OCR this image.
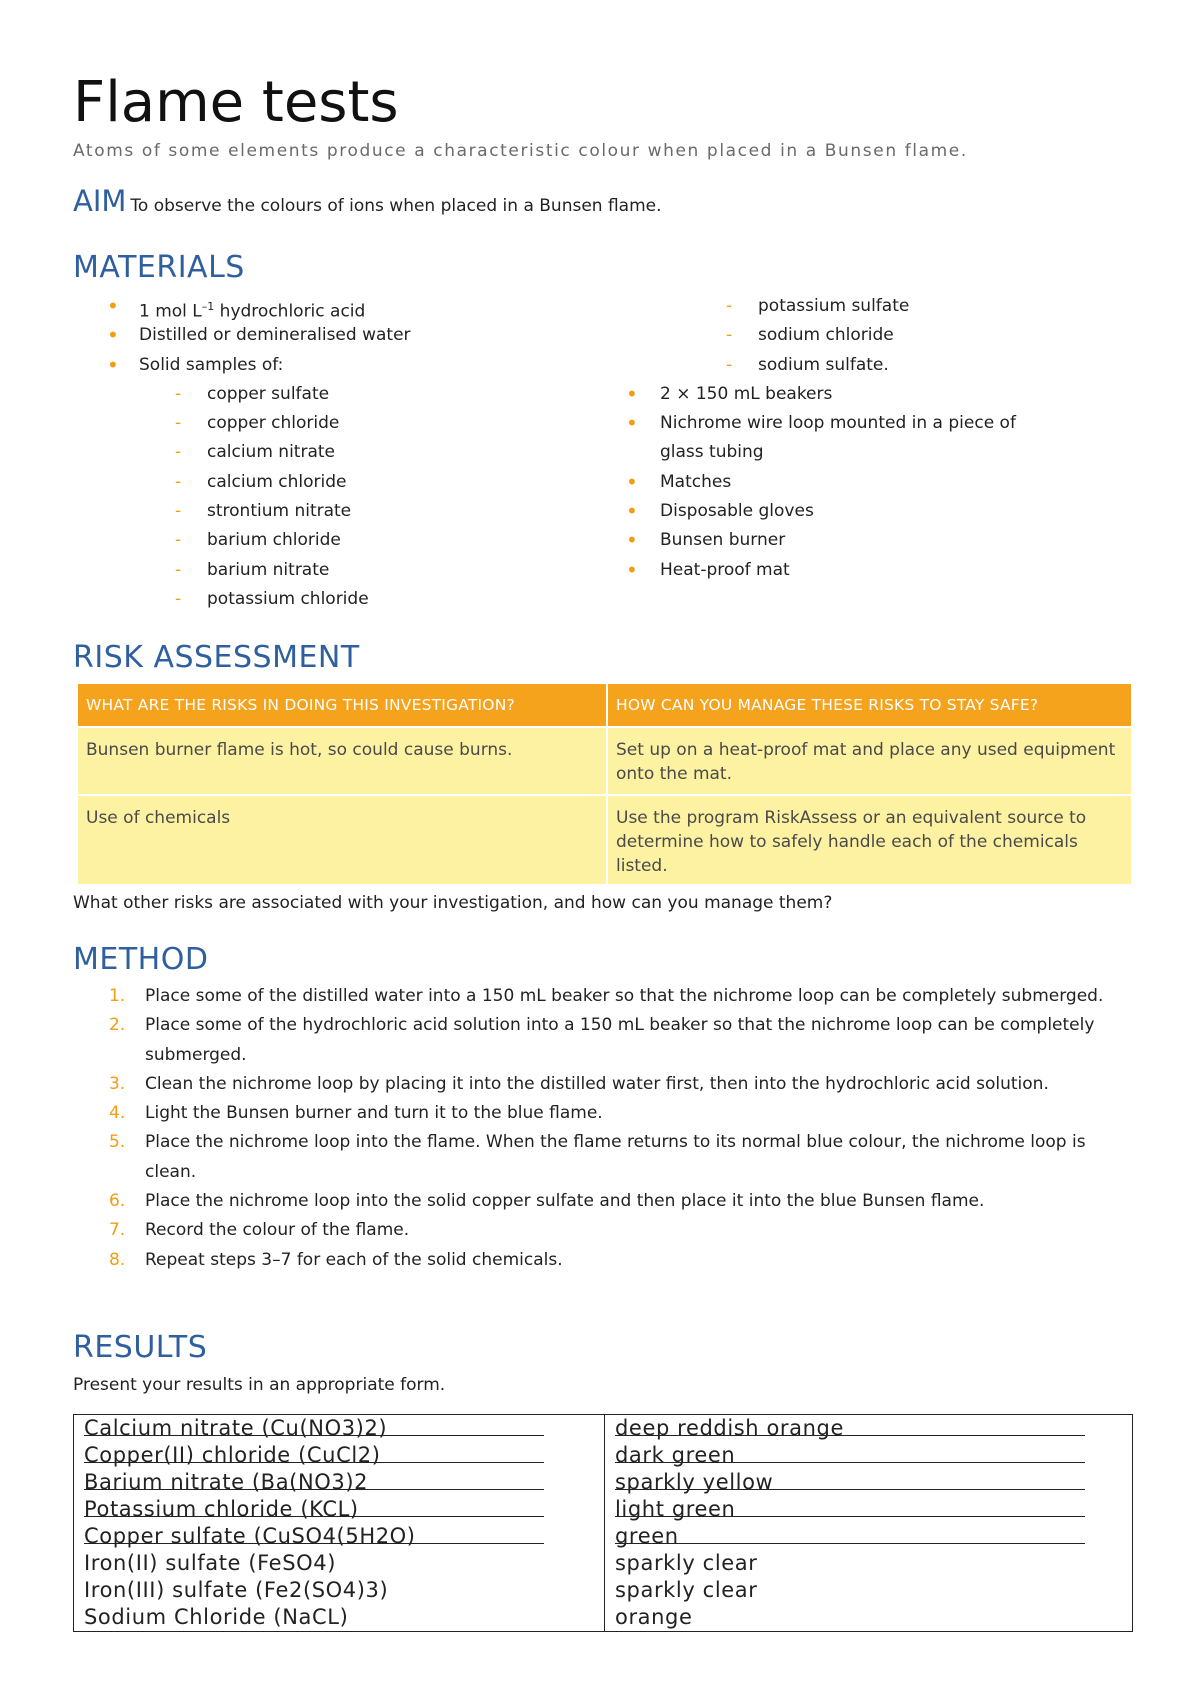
Flame tests
Atoms of some elements produce a characteristic colour when placed in a Bunsen flame.
AIM To observe the colours of ions when placed in a Bunsen flame.
MATERIALS
• 1 mol $L^{-1}$ hydrochloric acid
• Distilled or demineralised water
• Solid samples of:
- copper sulfate
- copper chloride
- calcium nitrate
- calcium chloride
- strontium nitrate
- barium chloride
- barium nitrate
- potassium chloride
- potassium sulfate
- sodium chloride
- sodium sulfate.
• 2 × 150 mL beakers
• Nichrome wire loop mounted in a piece of
glass tubing
• Matches
• Disposable gloves
• Bunsen burner
• Heat-proof mat
RISK ASSESSMENT
WHAT ARE THE RISKS IN DOING THIS INVESTIGATION?	HOW CAN YOU MANAGE THESE RISKS TO STAY SAFE?
Bunsen burner flame is hot, so could cause burns.	Set up on a heat-proof mat and place any used equipment onto the mat.
Use of chemicals	Use the program RiskAssess or an equivalent source to determine how to safely handle each of the chemicals listed.
What other risks are associated with your investigation, and how can you manage them?
METHOD
1. Place some of the distilled water into a 150 mL beaker so that the nichrome loop can be completely submerged.
2. Place some of the hydrochloric acid solution into a 150 mL beaker so that the nichrome loop can be completely submerged.
3. Clean the nichrome loop by placing it into the distilled water first, then into the hydrochloric acid solution.
4. Light the Bunsen burner and turn it to the blue flame.
5. Place the nichrome loop into the flame. When the flame returns to its normal blue colour, the nichrome loop is clean.
6. Place the nichrome loop into the solid copper sulfate and then place it into the blue Bunsen flame.
7. Record the colour of the flame.
8. Repeat steps 3–7 for each of the solid chemicals.
RESULTS
Present your results in an appropriate form.
Calcium nitrate (Cu(NO3)2)	deep reddish orange
Copper(II) chloride (CuCl2)	dark green
Barium nitrate (Ba(NO3)2	sparkly yellow
Potassium chloride (KCL)	light green
Copper sulfate (CuSO4(5H2O)	green
Iron(II) sulfate (FeSO4)	sparkly clear
Iron(III) sulfate (Fe2(SO4)3)	sparkly clear
Sodium Chloride (NaCL)	orange
